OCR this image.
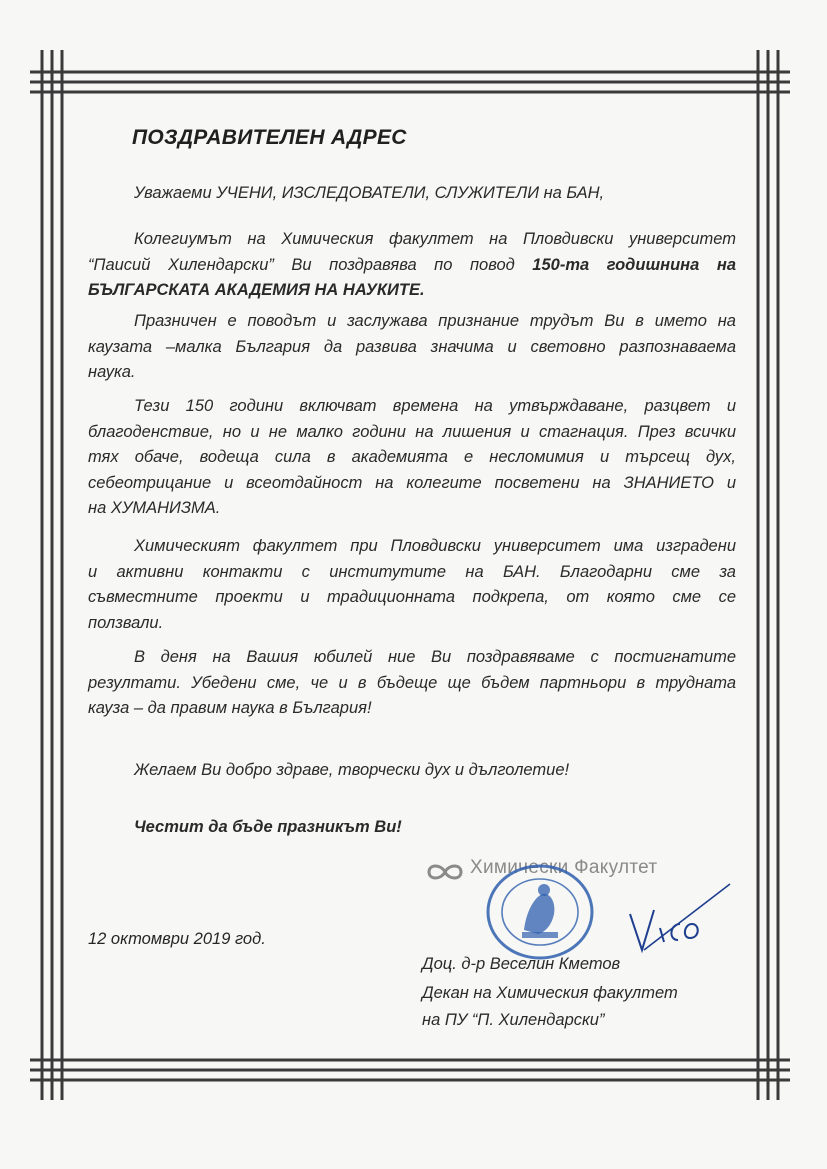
ПОЗДРАВИТЕЛЕН АДРЕС
Уважаеми УЧЕНИ, ИЗСЛЕДОВАТЕЛИ, СЛУЖИТЕЛИ на БАН,
Колегиумът на Химическия факултет на Пловдивски университет
“Паисий Хилендарски” Ви поздравява по повод 150-та годишнина на
БЪЛГАРСКАТА АКАДЕМИЯ НА НАУКИТЕ.
Празничен е поводът и заслужава признание трудът Ви в името на
каузата –малка България да развива значима и световно разпознаваема
наука.
Тези 150 години включват времена на утвърждаване, разцвет и
благоденствие, но и не малко години на лишения и стагнация. През всички
тях обаче, водеща сила в академията е несломимия и търсещ дух,
себеотрицание и всеотдайност на колегите посветени на ЗНАНИЕТО и
на ХУМАНИЗМА.
Химическият факултет при Пловдивски университет има изградени
и активни контакти с институтите на БАН. Благодарни сме за
съвместните проекти и традиционната подкрепа, от която сме се
ползвали.
В деня на Вашия юбилей ние Ви поздравяваме с постигнатите
резултати. Убедени сме, че и в бъдеще ще бъдем партньори в трудната
кауза – да правим наука в България!
Желаем Ви добро здраве, творчески дух и дълголетие!
Честит да бъде празникът Ви!
Химически Факултет
12 октомври 2019 год.
Доц. д-р Веселин Кметов
Декан на Химическия факултет
на ПУ “П. Хилендарски”
